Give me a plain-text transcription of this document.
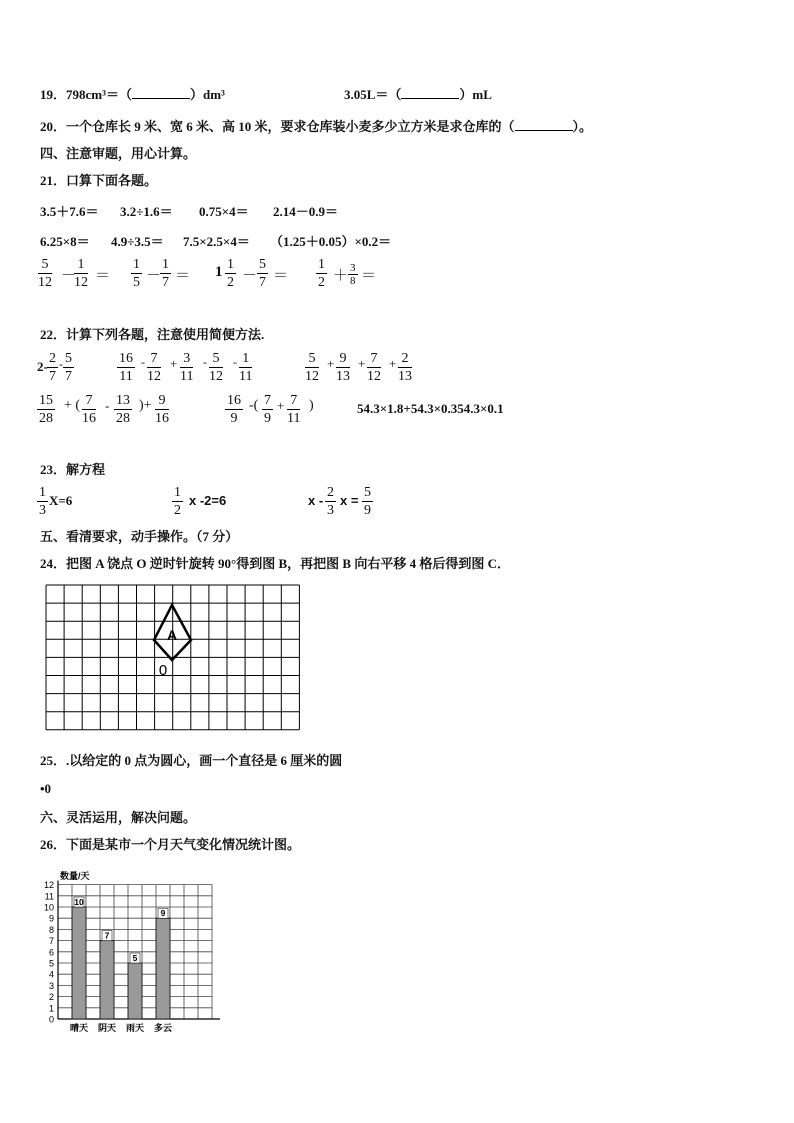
19．798cm³＝（	）dm³	3.05L＝（	）mL
20．一个仓库长 9 米、宽 6 米、高 10 米，要求仓库装小麦多少立方米是求仓库的（	）。
四、注意审题，用心计算。
21．口算下面各题。
3.5＋7.6＝ 3.2÷1.6＝ 0.75×4＝ 2.14－0.9＝
6.25×8＝ 4.9÷3.5＝ 7.5×2.5×4＝ （1.25＋0.05）×0.2＝
$\frac{5}{12}$ －
$\frac{1}{12} = \frac{1}{5}$ －
$\frac{1}{7} = 1 \frac{1}{2} - \frac{5}{7} = \frac{1}{2} + \frac{3}{8}$ ＝
22．计算下列各题，注意使用简便方法.
$2- \frac{2}{7} - \frac{5}{7}$	$\frac{16}{11} - \frac{7}{12} + \frac{3}{11} - \frac{5}{12} - \frac{1}{11}$	$\frac{5}{12} + \frac{9}{13} + \frac{7}{12} + \frac{2}{13}$
$\frac{15}{28}$ + ( $\frac{7}{16} - \frac{13}{28}$ )+ $\frac{9}{16}$	$\frac{16}{9}$ -( $\frac{7}{9} + \frac{7}{11}$ )	54.3×1.8+54.3×0.354.3×0.1
23．解方程
$\frac{1}{3} X=6$	$\frac{1}{2}$ x -2=6	x - $\frac{2}{3}$ $x = \frac{5}{9}$
五、看清要求，动手操作。（7 分）
24．把图 A 饶点 O 逆时针旋转 90°得到图 B，再把图 B 向右平移 4 格后得到图 C．
A
0
25．.以给定的 0 点为圆心，画一个直径是 6 厘米的圆
•0
六、灵活运用，解决问题。
26．下面是某市一个月天气变化情况统计图。
10
7
5
9
0
1
2
3
4
5
6
7
8
9
10
11
12
晴天 阴天 雨天 多云
数量/天
